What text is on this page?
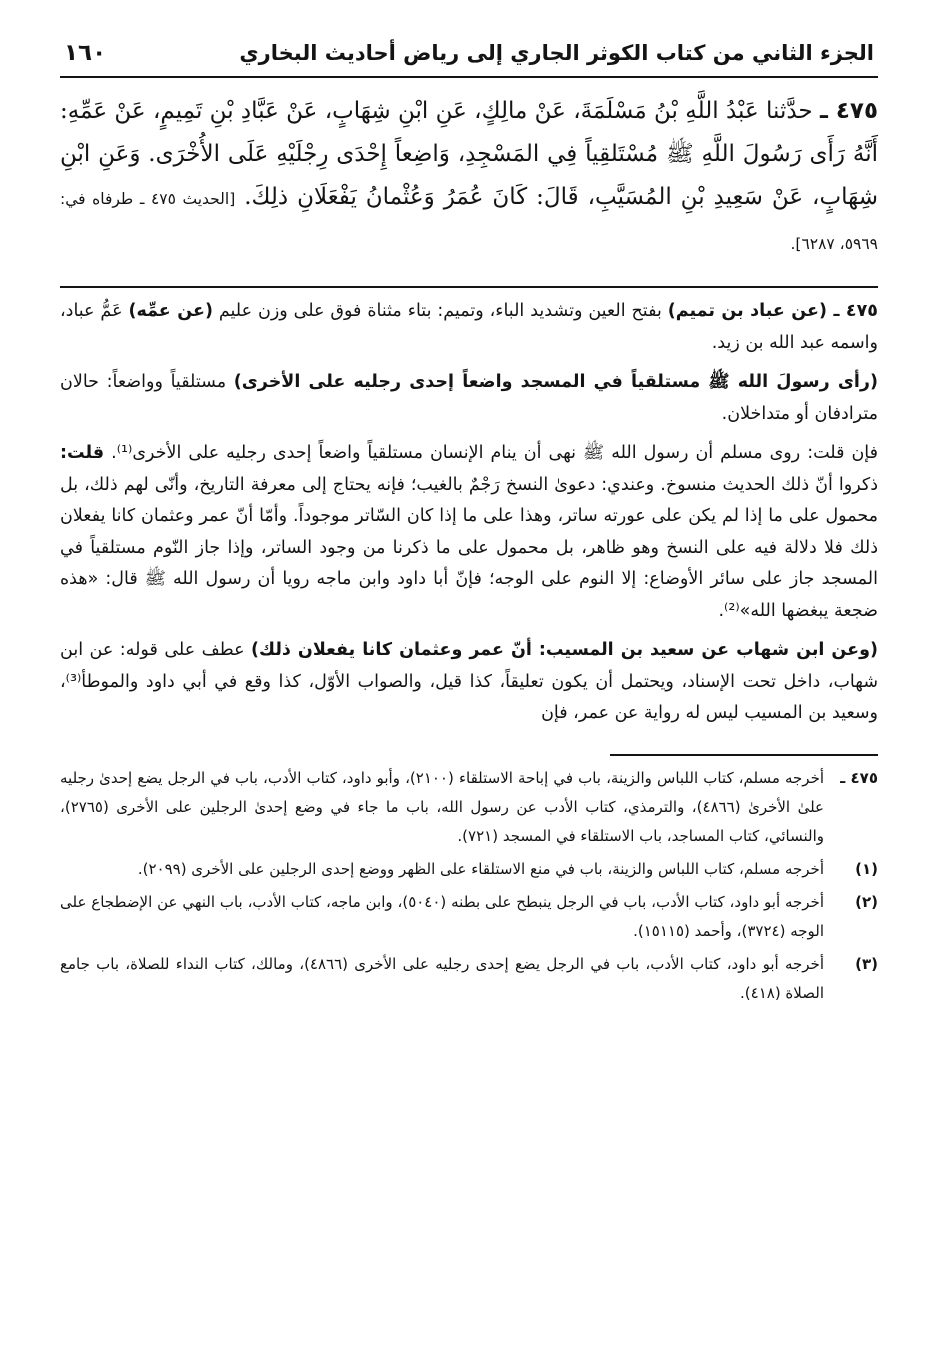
الجزء الثاني من كتاب الكوثر الجاري إلى رياض أحاديث البخاري
١٦٠
٤٧٥ ـ حدَّثنا عَبْدُ اللَّهِ بْنُ مَسْلَمَةَ، عَنْ مالِكٍ، عَنِ ابْنِ شِهَابٍ، عَنْ عَبَّادِ بْنِ تَمِيمٍ، عَنْ عَمِّهِ: أَنَّهُ رَأَى رَسُولَ اللَّهِ ﷺ مُسْتَلقِياً فِي المَسْجِدِ، وَاضِعاً إِحْدَى رِجْلَيْهِ عَلَى الأُخْرَى. وَعَنِ ابْنِ شِهَابٍ، عَنْ سَعِيدِ بْنِ المُسَيَّبِ، قَالَ: كَانَ عُمَرُ وَعُثْمانُ يَفْعَلَانِ ذلِكَ. [الحديث ٤٧٥ ـ طرفاه في: ٥٩٦٩، ٦٢٨٧].

٤٧٥ ـ (عن عباد بن تميم) بفتح العين وتشديد الباء، وتميم: بتاء مثناة فوق على وزن عليم (عن عمِّه) عَمُّ عباد، واسمه عبد الله بن زيد.

(رأى رسولَ الله ﷺ مستلقياً في المسجد واضعاً إحدى رجليه على الأخرى) مستلقياً وواضعاً: حالان مترادفان أو متداخلان.

فإن قلت: روى مسلم أن رسول الله ﷺ نهى أن ينام الإنسان مستلقياً واضعاً إحدى رجليه على الأخرى⁽¹⁾. قلت: ذكروا أنّ ذلك الحديث منسوخ. وعندي: دعوىٰ النسخ رَجْمٌ بالغيب؛ فإنه يحتاج إلى معرفة التاريخ، وأنّى لهم ذلك، بل محمول على ما إذا لم يكن على عورته ساتر، وهذا على ما إذا كان السّاتر موجوداً. وأمّا أنّ عمر وعثمان كانا يفعلان ذلك فلا دلالة فيه على النسخ وهو ظاهر، بل محمول على ما ذكرنا من وجود الساتر، وإذا جاز النّوم مستلقياً في المسجد جاز على سائر الأوضاع: إلا النوم على الوجه؛ فإنّ أبا داود وابن ماجه رويا أن رسول الله ﷺ قال: «هذه ضجعة يبغضها الله»⁽²⁾.

(وعن ابن شهاب عن سعيد بن المسيب: أنّ عمر وعثمان كانا يفعلان ذلك) عطف على قوله: عن ابن شهاب، داخل تحت الإسناد، ويحتمل أن يكون تعليقاً، كذا قيل، والصواب الأوّل، كذا وقع في أبي داود والموطأ⁽³⁾، وسعيد بن المسيب ليس له رواية عن عمر، فإن

٤٧٥ ـ
أخرجه مسلم، كتاب اللباس والزينة، باب في إباحة الاستلقاء (٢١٠٠)، وأبو داود، كتاب الأدب، باب في الرجل يضع إحدىٰ رجليه علىٰ الأخرىٰ (٤٨٦٦)، والترمذي، كتاب الأدب عن رسول الله، باب ما جاء في وضع إحدىٰ الرجلين على الأخرى (٢٧٦٥)، والنسائي، كتاب المساجد، باب الاستلقاء في المسجد (٧٢١).
(١)
أخرجه مسلم، كتاب اللباس والزينة، باب في منع الاستلقاء على الظهر ووضع إحدى الرجلين على الأخرى (٢٠٩٩).
(٢)
أخرجه أبو داود، كتاب الأدب، باب في الرجل ينبطح على بطنه (٥٠٤٠)، وابن ماجه، كتاب الأدب، باب النهي عن الإضطجاع على الوجه (٣٧٢٤)، وأحمد (١٥١١٥).
(٣)
أخرجه أبو داود، كتاب الأدب، باب في الرجل يضع إحدى رجليه على الأخرى (٤٨٦٦)، ومالك، كتاب النداء للصلاة، باب جامع الصلاة (٤١٨).
